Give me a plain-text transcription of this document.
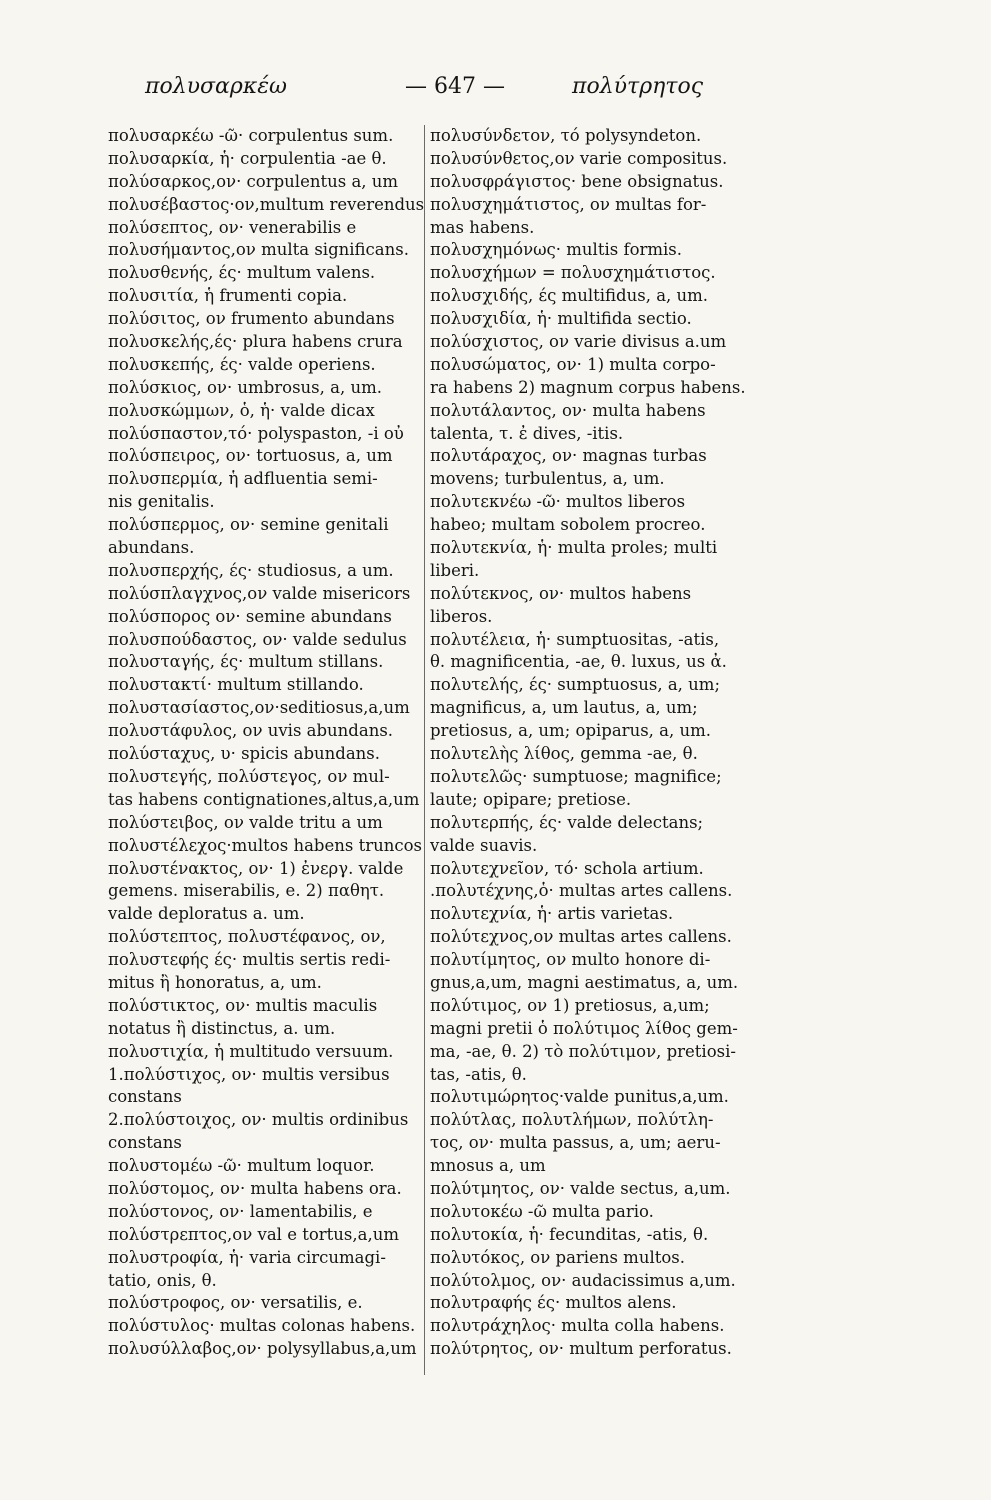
πολυσαρκέω	— 647 —	πολύτρητος
πολυσαρκέω -ῶ· corpulentus sum.
πολυσαρκία, ἡ· corpulentia -ae θ.
πολύσαρκος,ον· corpulentus a, um
πολυσέβαστος·ον,multum reverendus
πολύσεπτος, ον· venerabilis e
πολυσήμαντος,ον multa significans.
πολυσθενής, ές· multum valens.
πολυσιτία, ἡ frumenti copia.
πολύσιτος, ον frumento abundans
πολυσκελής,ές· plura habens crura
πολυσκεπής, ές· valde operiens.
πολύσκιος, ον· umbrosus, a, um.
πολυσκώμμων, ὁ, ἡ· valde dicax
πολύσπαστον,τό· polyspaston, -i οὐ
πολύσπειρος, ον· tortuosus, a, um
πολυσπερμία, ἡ adfluentia semi-
nis genitalis.
πολύσπερμος, ον· semine genitali
abundans.
πολυσπερχής, ές· studiosus, a um.
πολύσπλαγχνος,ον valde misericors
πολύσπορος ον· semine abundans
πολυσπούδαστος, ον· valde sedulus
πολυσταγής, ές· multum stillans.
πολυστακτί· multum stillando.
πολυστασίαστος,ον·seditiosus,a,um
πολυστάφυλος, ον uvis abundans.
πολύσταχυς, υ· spicis abundans.
πολυστεγής, πολύστεγος, ον mul-
tas habens contignationes,altus,a,um
πολύστειβος, ον valde tritu a um
πολυστέλεχος·multos habens truncos
πολυστένακτος, ον· 1) ἐνεργ. valde
gemens. miserabilis, e. 2) παθητ.
valde deploratus a. um.
πολύστεπτος, πολυστέφανος, ον,
πολυστεφής ές· multis sertis redi-
mitus ἢ honoratus, a, um.
πολύστικτος, ον· multis maculis
notatus ἢ distinctus, a. um.
πολυστιχία, ἡ multitudo versuum.
1.πολύστιχος, ον· multis versibus
constans
2.πολύστοιχος, ον· multis ordinibus
constans
πολυστομέω -ῶ· multum loquor.
πολύστομος, ον· multa habens ora.
πολύστονος, ον· lamentabilis, e
πολύστρεπτος,ον val e tortus,a,um
πολυστροφία, ἡ· varia circumagi-
tatio, onis, θ.
πολύστροφος, ον· versatilis, e.
πολύστυλος· multas colonas habens.
πολυσύλλαβος,ον· polysyllabus,a,um
πολυσύνδετον, τό polysyndeton.
πολυσύνθετος,ον varie compositus.
πολυσφράγιστος· bene obsignatus.
πολυσχημάτιστος, ον multas for-
mas habens.
πολυσχημόνως· multis formis.
πολυσχήμων = πολυσχημάτιστος.
πολυσχιδής, ές multifidus, a, um.
πολυσχιδία, ἡ· multifida sectio.
πολύσχιστος, ον varie divisus a.um
πολυσώματος, ον· 1) multa corpo-
ra habens 2) magnum corpus habens.
πολυτάλαντος, ον· multa habens
talenta, τ. ἐ dives, -itis.
πολυτάραχος, ον· magnas turbas
movens; turbulentus, a, um.
πολυτεκνέω -ῶ· multos liberos
habeo; multam sobolem procreo.
πολυτεκνία, ἡ· multa proles; multi
liberi.
πολύτεκνος, ον· multos habens
liberos.
πολυτέλεια, ἡ· sumptuositas, -atis,
θ. magnificentia, -ae, θ. luxus, us ἀ.
πολυτελής, ές· sumptuosus, a, um;
magnificus, a, um lautus, a, um;
pretiosus, a, um; opiparus, a, um.
πολυτελὴς λίθος, gemma -ae, θ.
πολυτελῶς· sumptuose; magnifice;
laute; opipare; pretiose.
πολυτερπής, ές· valde delectans;
valde suavis.
πολυτεχνεῖον, τό· schola artium.
.πολυτέχνης,ὁ· multas artes callens.
πολυτεχνία, ἡ· artis varietas.
πολύτεχνος,ον multas artes callens.
πολυτίμητος, ον multo honore di-
gnus,a,um, magni aestimatus, a, um.
πολύτιμος, ον 1) pretiosus, a,um;
magni pretii ὁ πολύτιμος λίθος gem-
ma, -ae, θ. 2) τὸ πολύτιμον, pretiosi-
tas, -atis, θ.
πολυτιμώρητος·valde punitus,a,um.
πολύτλας, πολυτλήμων, πολύτλη-
τος, ον· multa passus, a, um; aeru-
mnosus a, um
πολύτμητος, ον· valde sectus, a,um.
πολυτοκέω -ῶ multa pario.
πολυτοκία, ἡ· fecunditas, -atis, θ.
πολυτόκος, ον pariens multos.
πολύτολμος, ον· audacissimus a,um.
πολυτραφής ές· multos alens.
πολυτράχηλος· multa colla habens.
πολύτρητος, ον· multum perforatus.
